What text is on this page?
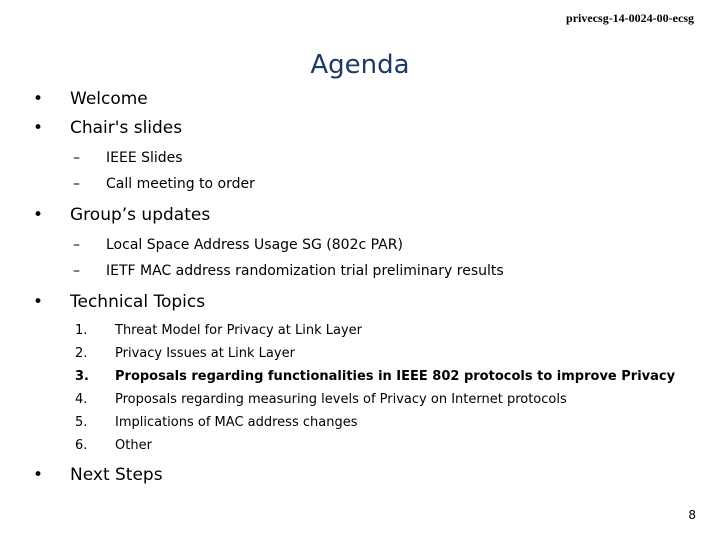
privecsg-14-0024-00-ecsg
Agenda
•	Welcome
•	Chair's slides
–	IEEE Slides
–	Call meeting to order
•	Group’s updates
–	Local Space Address Usage SG (802c PAR)
–	IETF MAC address randomization trial preliminary results
•	Technical Topics
1.	Threat Model for Privacy at Link Layer
2.	Privacy Issues at Link Layer
3.	Proposals regarding functionalities in IEEE 802 protocols to improve Privacy
4.	Proposals regarding measuring levels of Privacy on Internet protocols
5.	Implications of MAC address changes
6.	Other
•	Next Steps
8
